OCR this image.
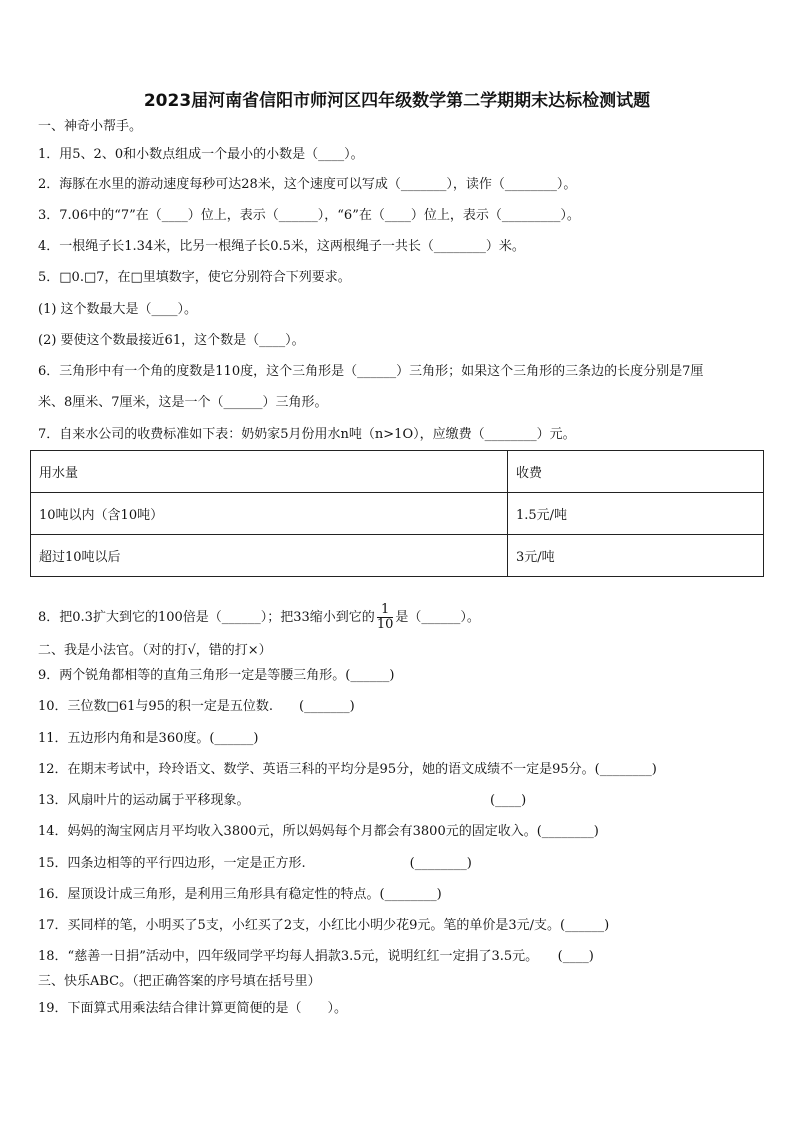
2023届河南省信阳市师河区四年级数学第二学期期末达标检测试题
一、神奇小帮手。
1．用5、2、0和小数点组成一个最小的小数是（____）。
2．海豚在水里的游动速度每秒可达28米，这个速度可以写成（_______），读作（________）。
3．7.06中的“7”在（____）位上，表示（______），“6”在（____）位上，表示（_________）。
4．一根绳子长1.34米，比另一根绳子长0.5米，这两根绳子一共长（________）米。
5．□0.□7，在□里填数字，使它分别符合下列要求。
(1) 这个数最大是（____）。
(2) 要使这个数最接近61，这个数是（____）。
6．三角形中有一个角的度数是110度，这个三角形是（______）三角形；如果这个三角形的三条边的长度分别是7厘
米、8厘米、7厘米，这是一个（______）三角形。
7．自来水公司的收费标准如下表：奶奶家5月份用水n吨（n>1O），应缴费（________）元。
用水量	收费
10吨以内（含10吨）	1.5元/吨
超过10吨以后	3元/吨
8．把0.3扩大到它的100倍是（______）；把33缩小到它的 $\frac{1}{10}$ 是（______）。
二、我是小法官。（对的打√，错的打×）
9．两个锐角都相等的直角三角形一定是等腰三角形。(______)
10．三位数□61与95的积一定是五位数.　　(_______)
11．五边形内角和是360度。(______)
12．在期末考试中，玲玲语文、数学、英语三科的平均分是95分，她的语文成绩不一定是95分。(________)
13．风扇叶片的运动属于平移现象。　　　　　　　　　　　　　　　　　　　(____)
14．妈妈的淘宝网店月平均收入3800元，所以妈妈每个月都会有3800元的固定收入。(________)
15．四条边相等的平行四边形，一定是正方形.　　　　　　　　(________)
16．屋顶设计成三角形，是利用三角形具有稳定性的特点。(________)
17．买同样的笔，小明买了5支，小红买了2支，小红比小明少花9元。笔的单价是3元/支。(______)
18．“慈善一日捐”活动中，四年级同学平均每人捐款3.5元，说明红红一定捐了3.5元。　　(____)
三、快乐ABC。（把正确答案的序号填在括号里）
19．下面算式用乘法结合律计算更简便的是（　　）。
